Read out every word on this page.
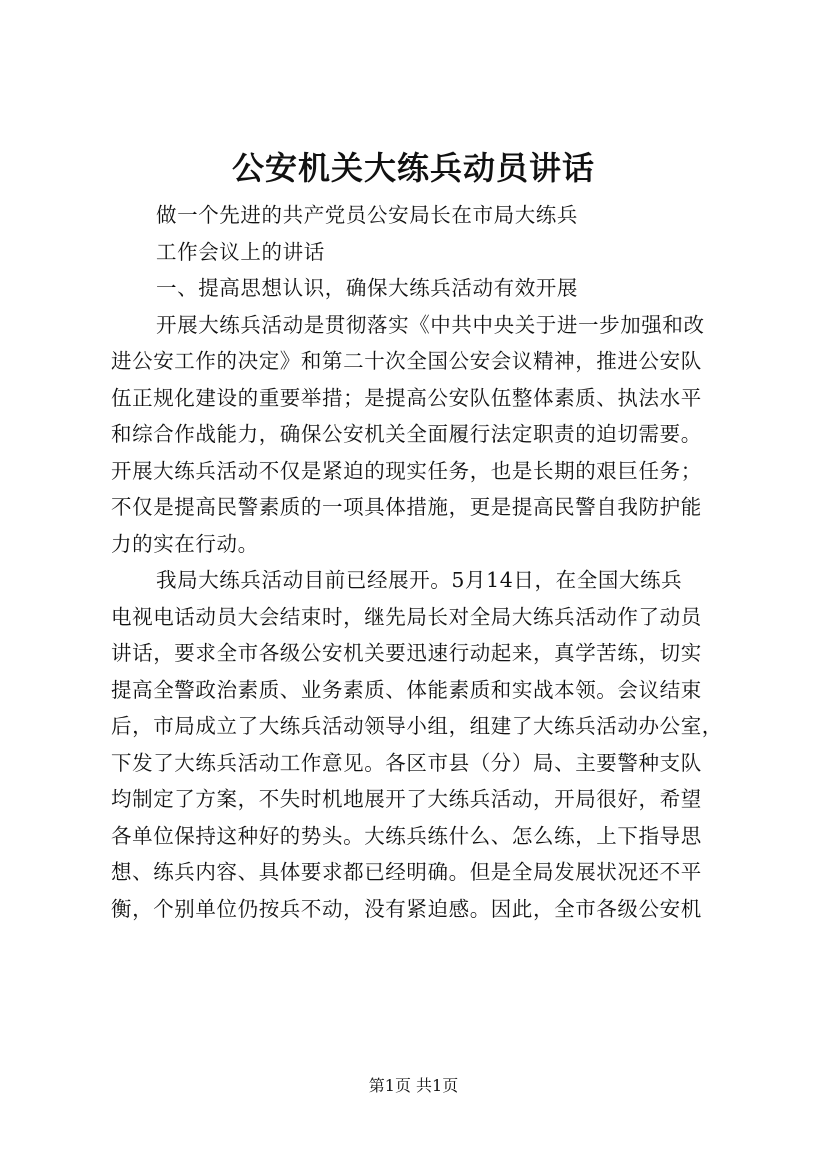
公安机关大练兵动员讲话
做一个先进的共产党员公安局长在市局大练兵
工作会议上的讲话
一、提高思想认识，确保大练兵活动有效开展
开展大练兵活动是贯彻落实《中共中央关于进一步加强和改
进公安工作的决定》和第二十次全国公安会议精神，推进公安队
伍正规化建设的重要举措；是提高公安队伍整体素质、执法水平
和综合作战能力，确保公安机关全面履行法定职责的迫切需要。
开展大练兵活动不仅是紧迫的现实任务，也是长期的艰巨任务；
不仅是提高民警素质的一项具体措施，更是提高民警自我防护能
力的实在行动。
我局大练兵活动目前已经展开。5月14日，在全国大练兵
电视电话动员大会结束时，继先局长对全局大练兵活动作了动员
讲话，要求全市各级公安机关要迅速行动起来，真学苦练，切实
提高全警政治素质、业务素质、体能素质和实战本领。会议结束
后，市局成立了大练兵活动领导小组，组建了大练兵活动办公室，
下发了大练兵活动工作意见。各区市县（分）局、主要警种支队
均制定了方案，不失时机地展开了大练兵活动，开局很好，希望
各单位保持这种好的势头。大练兵练什么、怎么练，上下指导思
想、练兵内容、具体要求都已经明确。但是全局发展状况还不平
衡，个别单位仍按兵不动，没有紧迫感。因此，全市各级公安机
第1页 共1页
